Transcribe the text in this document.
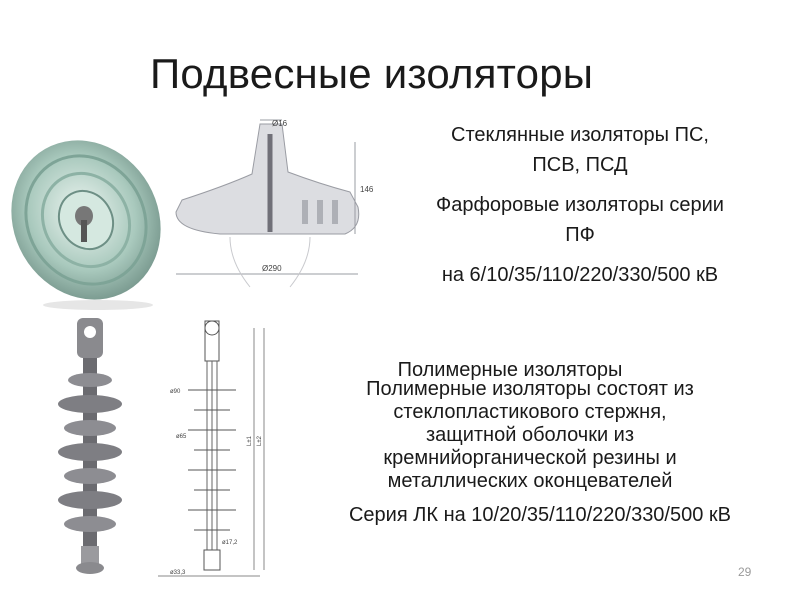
Подвесные изоляторы
Ø16
146
Ø290
ø90
ø65	L±1 L±2
ø17,2
ø33,3
Стеклянные изоляторы ПС,
ПСВ, ПСД
Фарфоровые изоляторы серии
ПФ
на 6/10/35/110/220/330/500 кВ
Полимерные изоляторы
Полимерные изоляторы состоят из
стеклопластикового стержня,
защитной оболочки из
кремнийорганической резины и
металлических оконцевателей
Серия ЛК на 10/20/35/110/220/330/500 кВ
29
